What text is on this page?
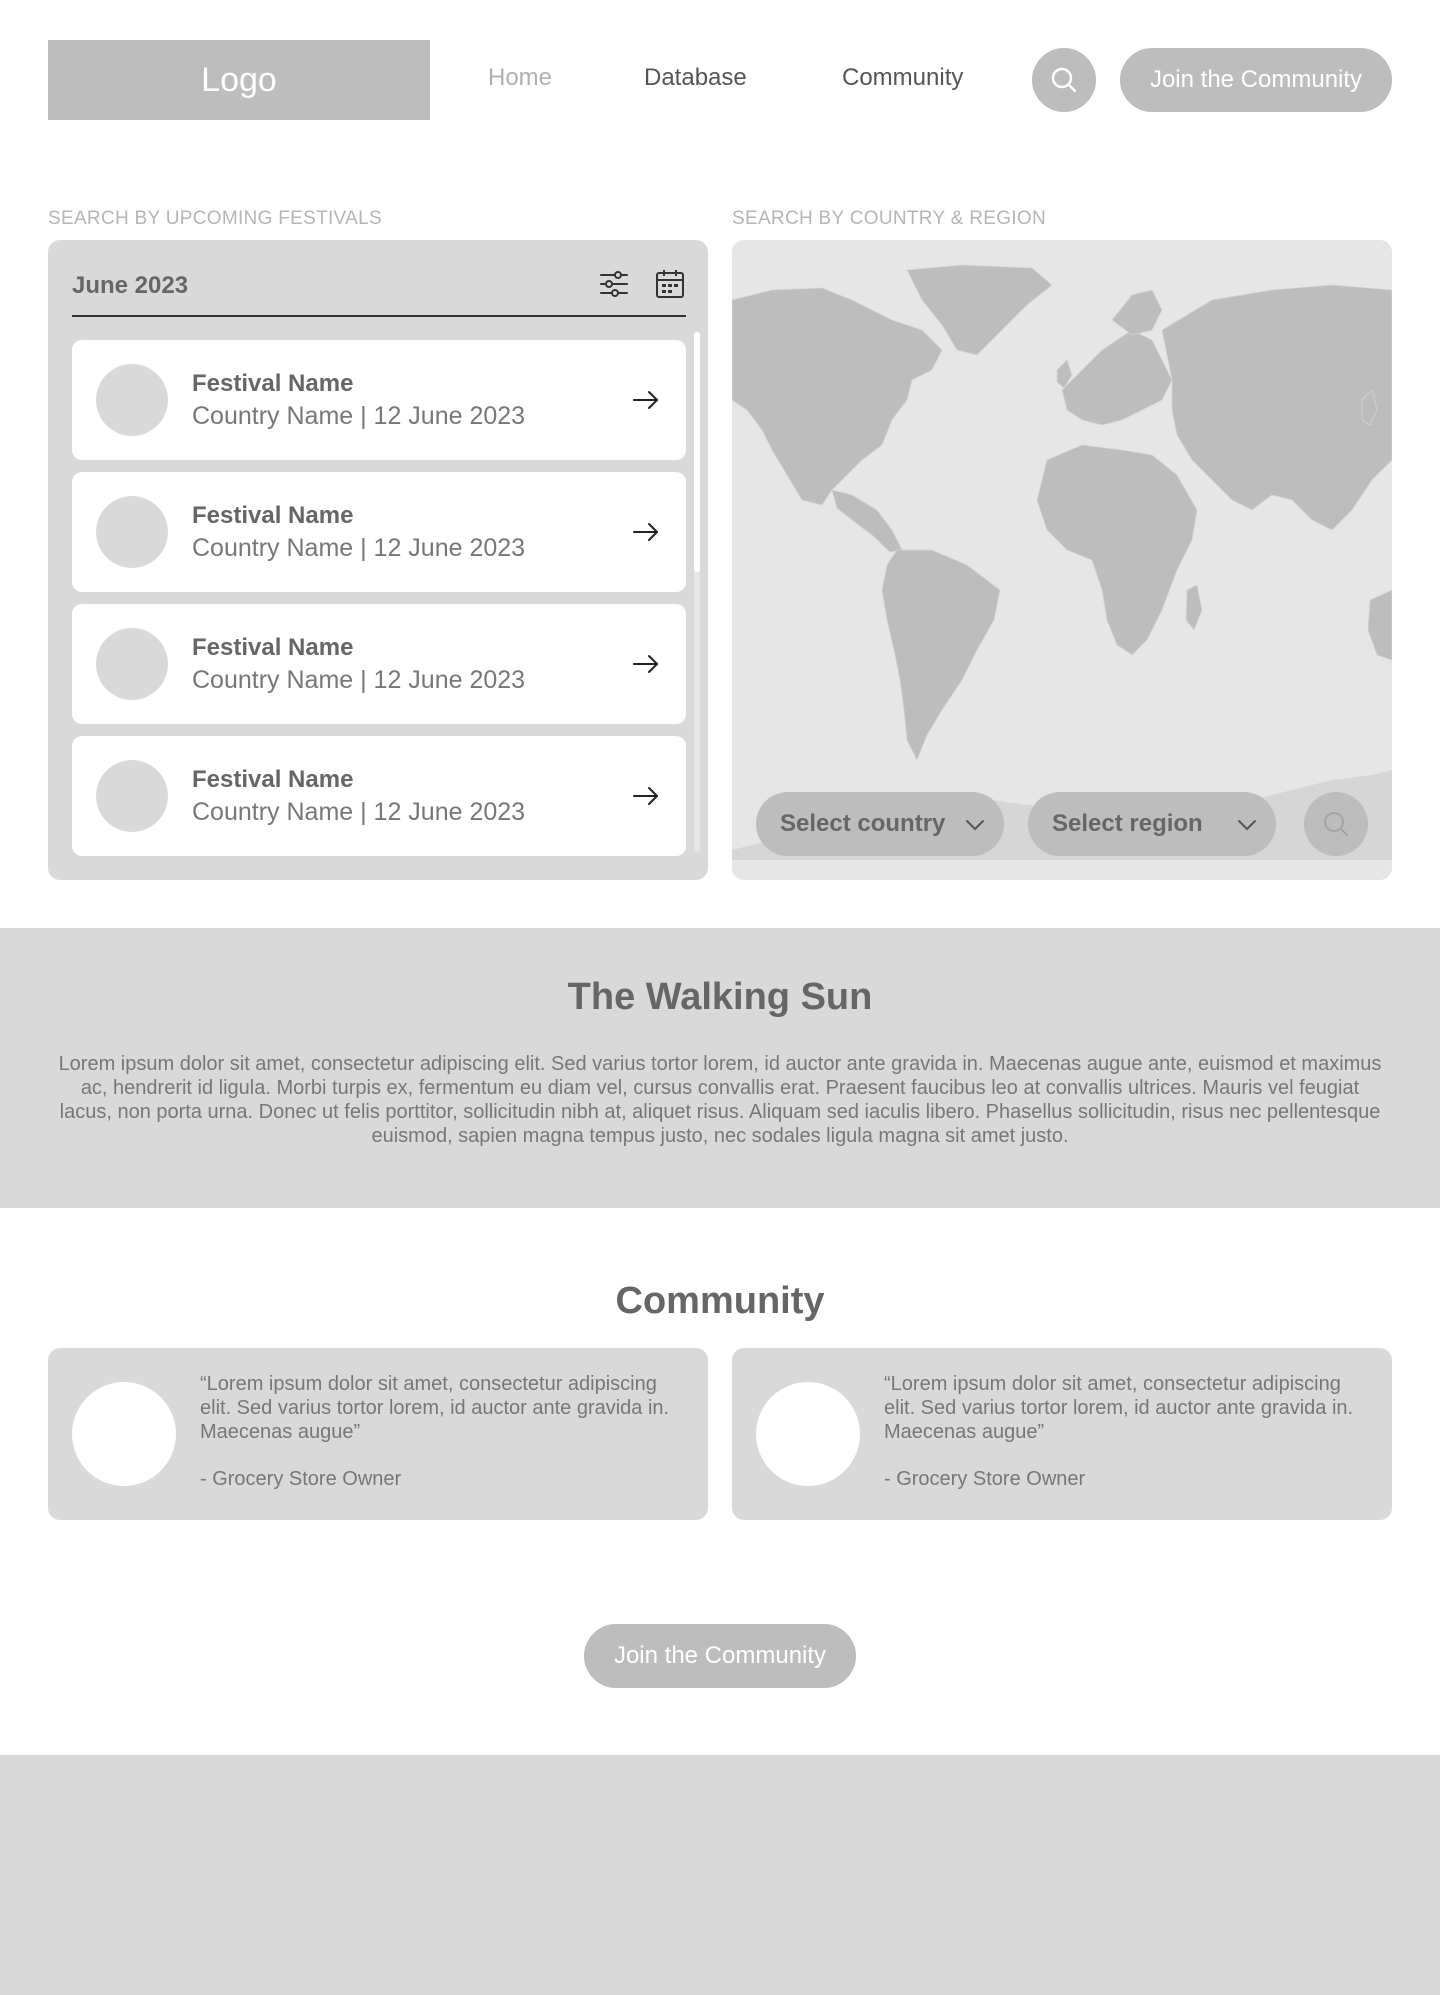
Logo	Home	Database	Community	Join the Community
SEARCH BY UPCOMING FESTIVALS	SEARCH BY COUNTRY & REGION
June 2023
Festival Name
Country Name | 12 June 2023
Festival Name
Country Name | 12 June 2023
Festival Name
Country Name | 12 June 2023
Festival Name
Country Name | 12 June 2023	Select country	Select region
The Walking Sun
Lorem ipsum dolor sit amet, consectetur adipiscing elit. Sed varius tortor lorem, id auctor ante gravida in. Maecenas augue ante, euismod et maximus ac, hendrerit id ligula. Morbi turpis ex, fermentum eu diam vel, cursus convallis erat. Praesent faucibus leo at convallis ultrices. Mauris vel feugiat lacus, non porta urna. Donec ut felis porttitor, sollicitudin nibh at, aliquet risus. Aliquam sed iaculis libero. Phasellus sollicitudin, risus nec pellentesque euismod, sapien magna tempus justo, nec sodales ligula magna sit amet justo.
Community
“Lorem ipsum dolor sit amet, consectetur adipiscing elit. Sed varius tortor lorem, id auctor ante gravida in. Maecenas augue”
- Grocery Store Owner
“Lorem ipsum dolor sit amet, consectetur adipiscing elit. Sed varius tortor lorem, id auctor ante gravida in. Maecenas augue”
- Grocery Store Owner
Join the Community
